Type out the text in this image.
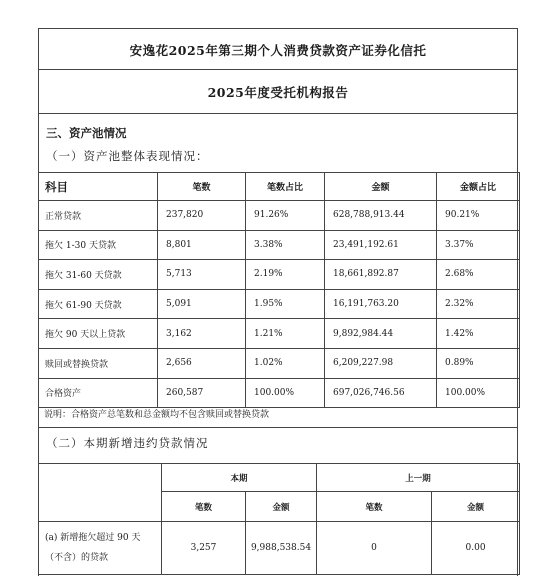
安逸花2025年第三期个人消费贷款资产证券化信托
2025年度受托机构报告
三、资产池情况
（一）资产池整体表现情况：
科目	笔数	笔数占比	金额	金额占比
正常贷款	237,820	91.26%	628,788,913.44	90.21%
拖欠 1-30 天贷款	8,801	3.38%	23,491,192.61	3.37%
拖欠 31-60 天贷款	5,713	2.19%	18,661,892.87	2.68%
拖欠 61-90 天贷款	5,091	1.95%	16,191,763.20	2.32%
拖欠 90 天以上贷款	3,162	1.21%	9,892,984.44	1.42%
赎回或替换贷款	2,656	1.02%	6,209,227.98	0.89%
合格资产	260,587	100.00%	697,026,746.56	100.00%
说明：合格资产总笔数和总金额均不包含赎回或替换贷款
（二）本期新增违约贷款情况
	本期		上一期	
	笔数	金额	笔数	金额

(a) 新增拖欠超过 90 天
（不含）的贷款	3,257	9,988,538.54	0	0.00
